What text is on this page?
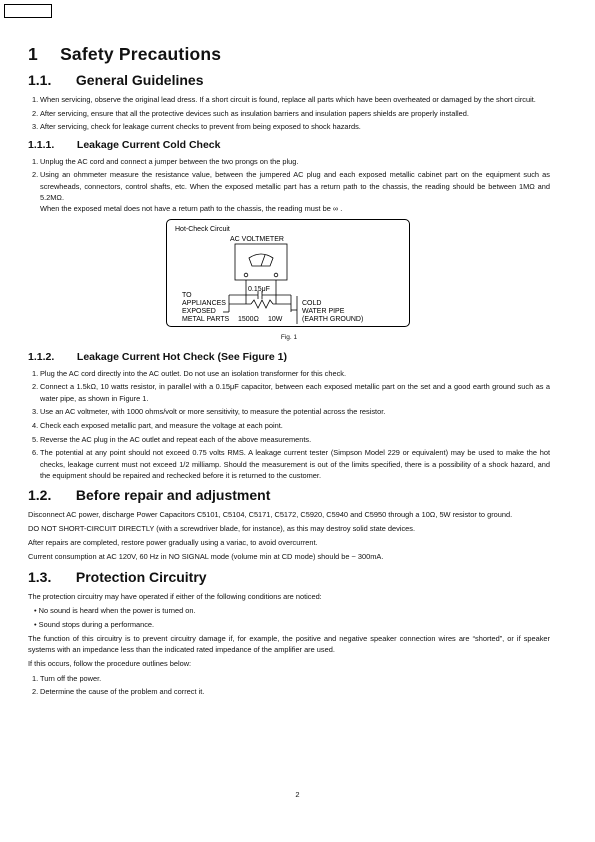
1 Safety Precautions
1.1. General Guidelines
1. When servicing, observe the original lead dress. If a short circuit is found, replace all parts which have been overheated or damaged by the short circuit.
2. After servicing, ensure that all the protective devices such as insulation barriers and insulation papers shields are properly installed.
3. After servicing, check for leakage current checks to prevent from being exposed to shock hazards.
1.1.1. Leakage Current Cold Check
1. Unplug the AC cord and connect a jumper between the two prongs on the plug.
2. Using an ohmmeter measure the resistance value, between the jumpered AC plug and each exposed metallic cabinet part on the equipment such as screwheads, connectors, control shafts, etc. When the exposed metallic part has a return path to the chassis, the reading should be between 1MΩ and 5.2MΩ.
When the exposed metal does not have a return path to the chassis, the reading must be ∞ .
Hot-Check Circuit
AC VOLTMETER
0.15μF
TO
APPLIANCES
EXPOSED
METAL PARTS 1500Ω 10W
COLD
WATER PIPE
(EARTH GROUND)
Fig. 1
1.1.2. Leakage Current Hot Check (See Figure 1)
1. Plug the AC cord directly into the AC outlet. Do not use an isolation transformer for this check.
2. Connect a 1.5kΩ, 10 watts resistor, in parallel with a 0.15μF capacitor, between each exposed metallic part on the set and a good earth ground such as a water pipe, as shown in Figure 1.
3. Use an AC voltmeter, with 1000 ohms/volt or more sensitivity, to measure the potential across the resistor.
4. Check each exposed metallic part, and measure the voltage at each point.
5. Reverse the AC plug in the AC outlet and repeat each of the above measurements.
6. The potential at any point should not exceed 0.75 volts RMS. A leakage current tester (Simpson Model 229 or equivalent) may be used to make the hot checks, leakage current must not exceed 1/2 milliamp. Should the measurement is out of the limits specified, there is a possibility of a shock hazard, and the equipment should be repaired and rechecked before it is returned to the customer.
1.2. Before repair and adjustment

Disconnect AC power, discharge Power Capacitors C5101, C5104, C5171, C5172, C5920, C5940 and C5950 through a 10Ω, 5W resistor to ground.

DO NOT SHORT-CIRCUIT DIRECTLY (with a screwdriver blade, for instance), as this may destroy solid state devices.

After repairs are completed, restore power gradually using a variac, to avoid overcurrent.

Current consumption at AC 120V, 60 Hz in NO SIGNAL mode (volume min at CD mode) should be ~ 300mA.

1.3. Protection Circuitry

The protection circuitry may have operated if either of the following conditions are noticed:

• No sound is heard when the power is turned on.
• Sound stops during a performance.

The function of this circuitry is to prevent circuitry damage if, for example, the positive and negative speaker connection wires are “shorted”, or if speaker systems with an impedance less than the indicated rated impedance of the amplifier are used.

If this occurs, follow the procedure outlines below:

1. Turn off the power.
2. Determine the cause of the problem and correct it.
2
